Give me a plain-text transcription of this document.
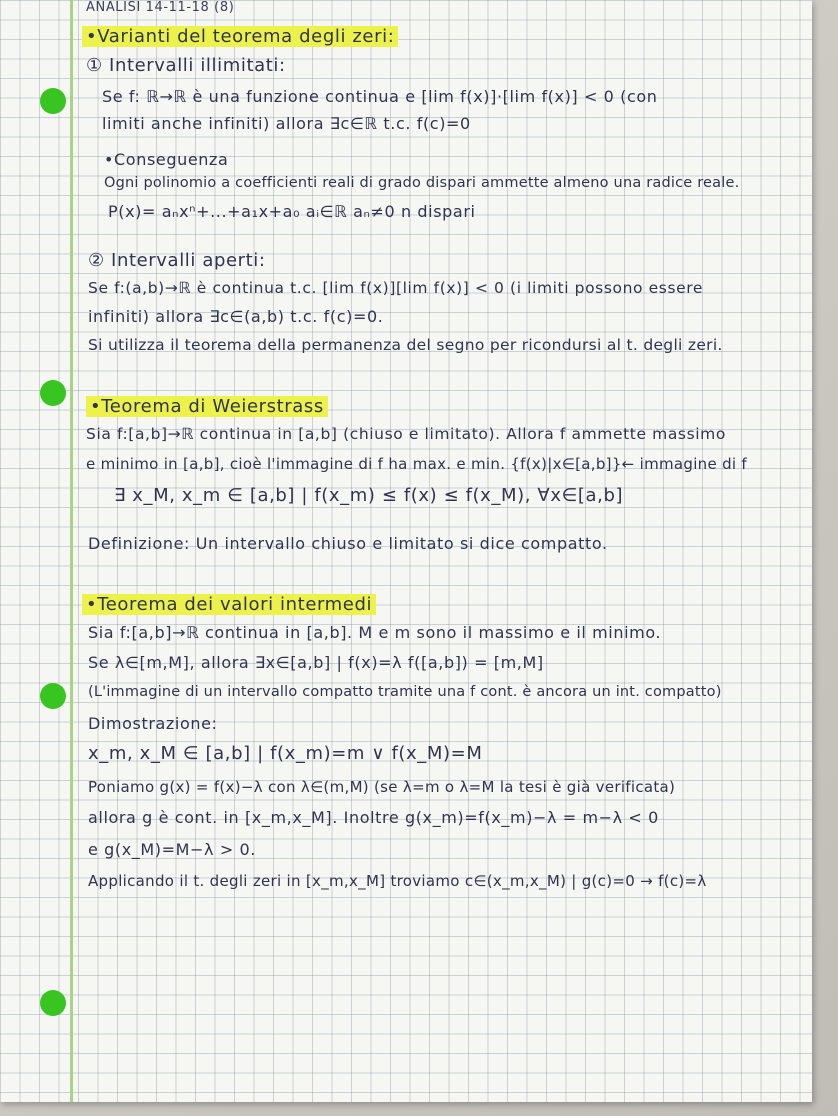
ANALISI 14-11-18 (8)
•Varianti del teorema degli zeri:
① Intervalli illimitati:
Se f: ℝ→ℝ è una funzione continua e [lim f(x)]·[lim f(x)] < 0 (con
limiti anche infiniti) allora ∃c∈ℝ t.c. f(c)=0
•Conseguenza
Ogni polinomio a coefficienti reali di grado dispari ammette almeno una radice reale.
P(x)= aₙxⁿ+...+a₁x+a₀ aᵢ∈ℝ aₙ≠0 n dispari
② Intervalli aperti:
Se f:(a,b)→ℝ è continua t.c. [lim f(x)][lim f(x)] < 0 (i limiti possono essere
infiniti) allora ∃c∈(a,b) t.c. f(c)=0.
Si utilizza il teorema della permanenza del segno per ricondursi al t. degli zeri.
•Teorema di Weierstrass
Sia f:[a,b]→ℝ continua in [a,b] (chiuso e limitato). Allora f ammette massimo
e minimo in [a,b], cioè l'immagine di f ha max. e min. {f(x)|x∈[a,b]}← immagine di f
∃ x_M, x_m ∈ [a,b] | f(x_m) ≤ f(x) ≤ f(x_M), ∀x∈[a,b]
Definizione: Un intervallo chiuso e limitato si dice compatto.
•Teorema dei valori intermedi
Sia f:[a,b]→ℝ continua in [a,b]. M e m sono il massimo e il minimo.
Se λ∈[m,M], allora ∃x∈[a,b] | f(x)=λ f([a,b]) = [m,M]
(L'immagine di un intervallo compatto tramite una f cont. è ancora un int. compatto)
Dimostrazione:
x_m, x_M ∈ [a,b] | f(x_m)=m ∨ f(x_M)=M
Poniamo g(x) = f(x)−λ con λ∈(m,M) (se λ=m o λ=M la tesi è già verificata)
allora g è cont. in [x_m,x_M]. Inoltre g(x_m)=f(x_m)−λ = m−λ < 0
e g(x_M)=M−λ > 0.
Applicando il t. degli zeri in [x_m,x_M] troviamo c∈(x_m,x_M) | g(c)=0 → f(c)=λ
